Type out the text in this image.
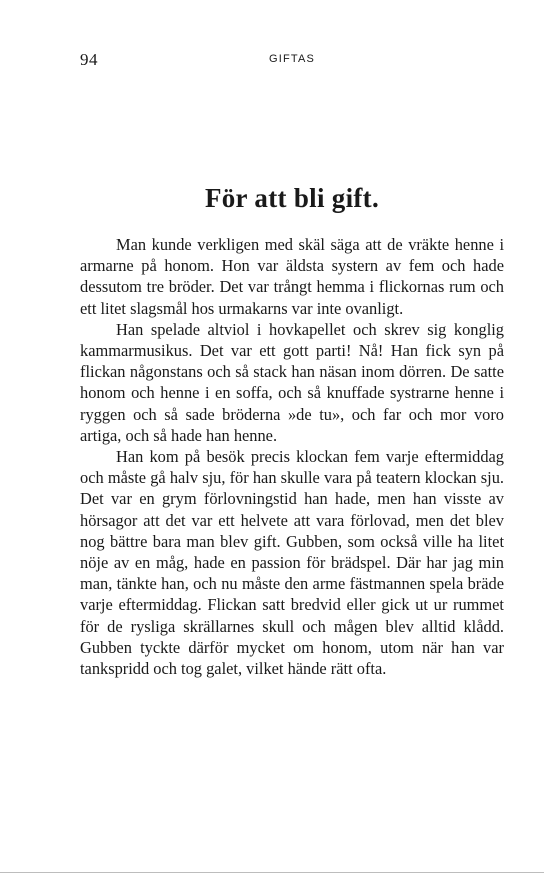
94	GIFTAS
För att bli gift.

Man kunde verkligen med skäl säga att de vräkte henne i armarne på honom. Hon var äldsta systern av fem och hade dessutom tre bröder. Det var trångt hemma i flickornas rum och ett litet slagsmål hos urmakarns var inte ovanligt.

Han spelade altviol i hovkapellet och skrev sig konglig kammarmusikus. Det var ett gott parti! Nå! Han fick syn på flickan någonstans och så stack han näsan inom dörren. De satte honom och henne i en soffa, och så knuffade systrarne henne i ryggen och så sade bröderna »de tu», och far och mor voro artiga, och så hade han henne.

Han kom på besök precis klockan fem varje eftermiddag och måste gå halv sju, för han skulle vara på teatern klockan sju. Det var en grym förlovningstid han hade, men han visste av hörsagor att det var ett helvete att vara förlovad, men det blev nog bättre bara man blev gift. Gubben, som också ville ha litet nöje av en måg, hade en passion för brädspel. Där har jag min man, tänkte han, och nu måste den arme fästmannen spela bräde varje eftermiddag. Flickan satt bredvid eller gick ut ur rummet för de rysliga skrällarnes skull och mågen blev alltid klådd. Gubben tyckte därför mycket om honom, utom när han var tankspridd och tog galet, vilket hände rätt ofta.
